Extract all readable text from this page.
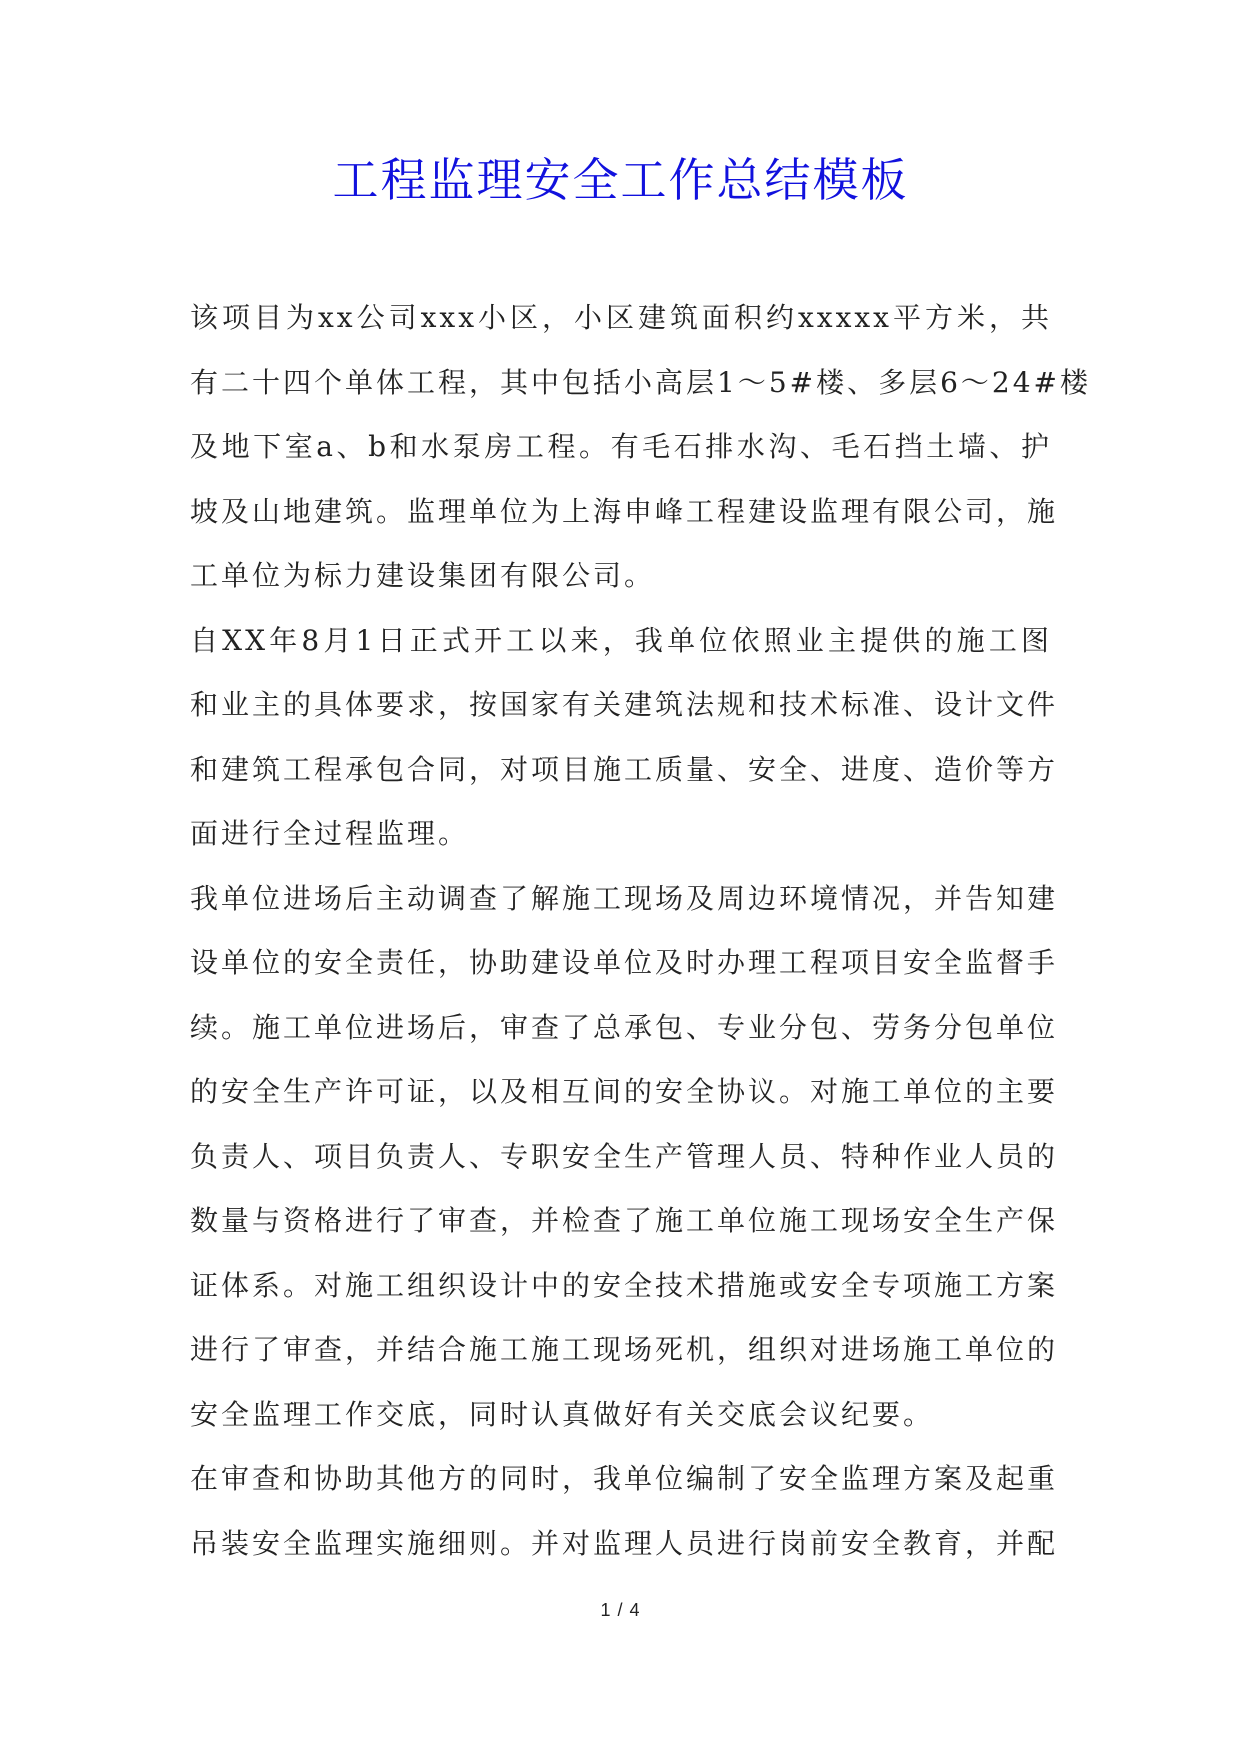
工程监理安全工作总结模板

该项目为xx公司xxx小区，小区建筑面积约xxxxx平方米，共
有二十四个单体工程，其中包括小高层1～5#楼、多层6～24#楼
及地下室a、b和水泵房工程。有毛石排水沟、毛石挡土墙、护
坡及山地建筑。监理单位为上海申峰工程建设监理有限公司，施
工单位为标力建设集团有限公司。

自XX年8月1日正式开工以来，我单位依照业主提供的施工图
和业主的具体要求，按国家有关建筑法规和技术标准、设计文件
和建筑工程承包合同，对项目施工质量、安全、进度、造价等方
面进行全过程监理。

我单位进场后主动调查了解施工现场及周边环境情况，并告知建
设单位的安全责任，协助建设单位及时办理工程项目安全监督手
续。施工单位进场后，审查了总承包、专业分包、劳务分包单位
的安全生产许可证，以及相互间的安全协议。对施工单位的主要
负责人、项目负责人、专职安全生产管理人员、特种作业人员的
数量与资格进行了审查，并检查了施工单位施工现场安全生产保
证体系。对施工组织设计中的安全技术措施或安全专项施工方案
进行了审查，并结合施工施工现场死机，组织对进场施工单位的
安全监理工作交底，同时认真做好有关交底会议纪要。

在审查和协助其他方的同时，我单位编制了安全监理方案及起重
吊装安全监理实施细则。并对监理人员进行岗前安全教育，并配

1 / 4
